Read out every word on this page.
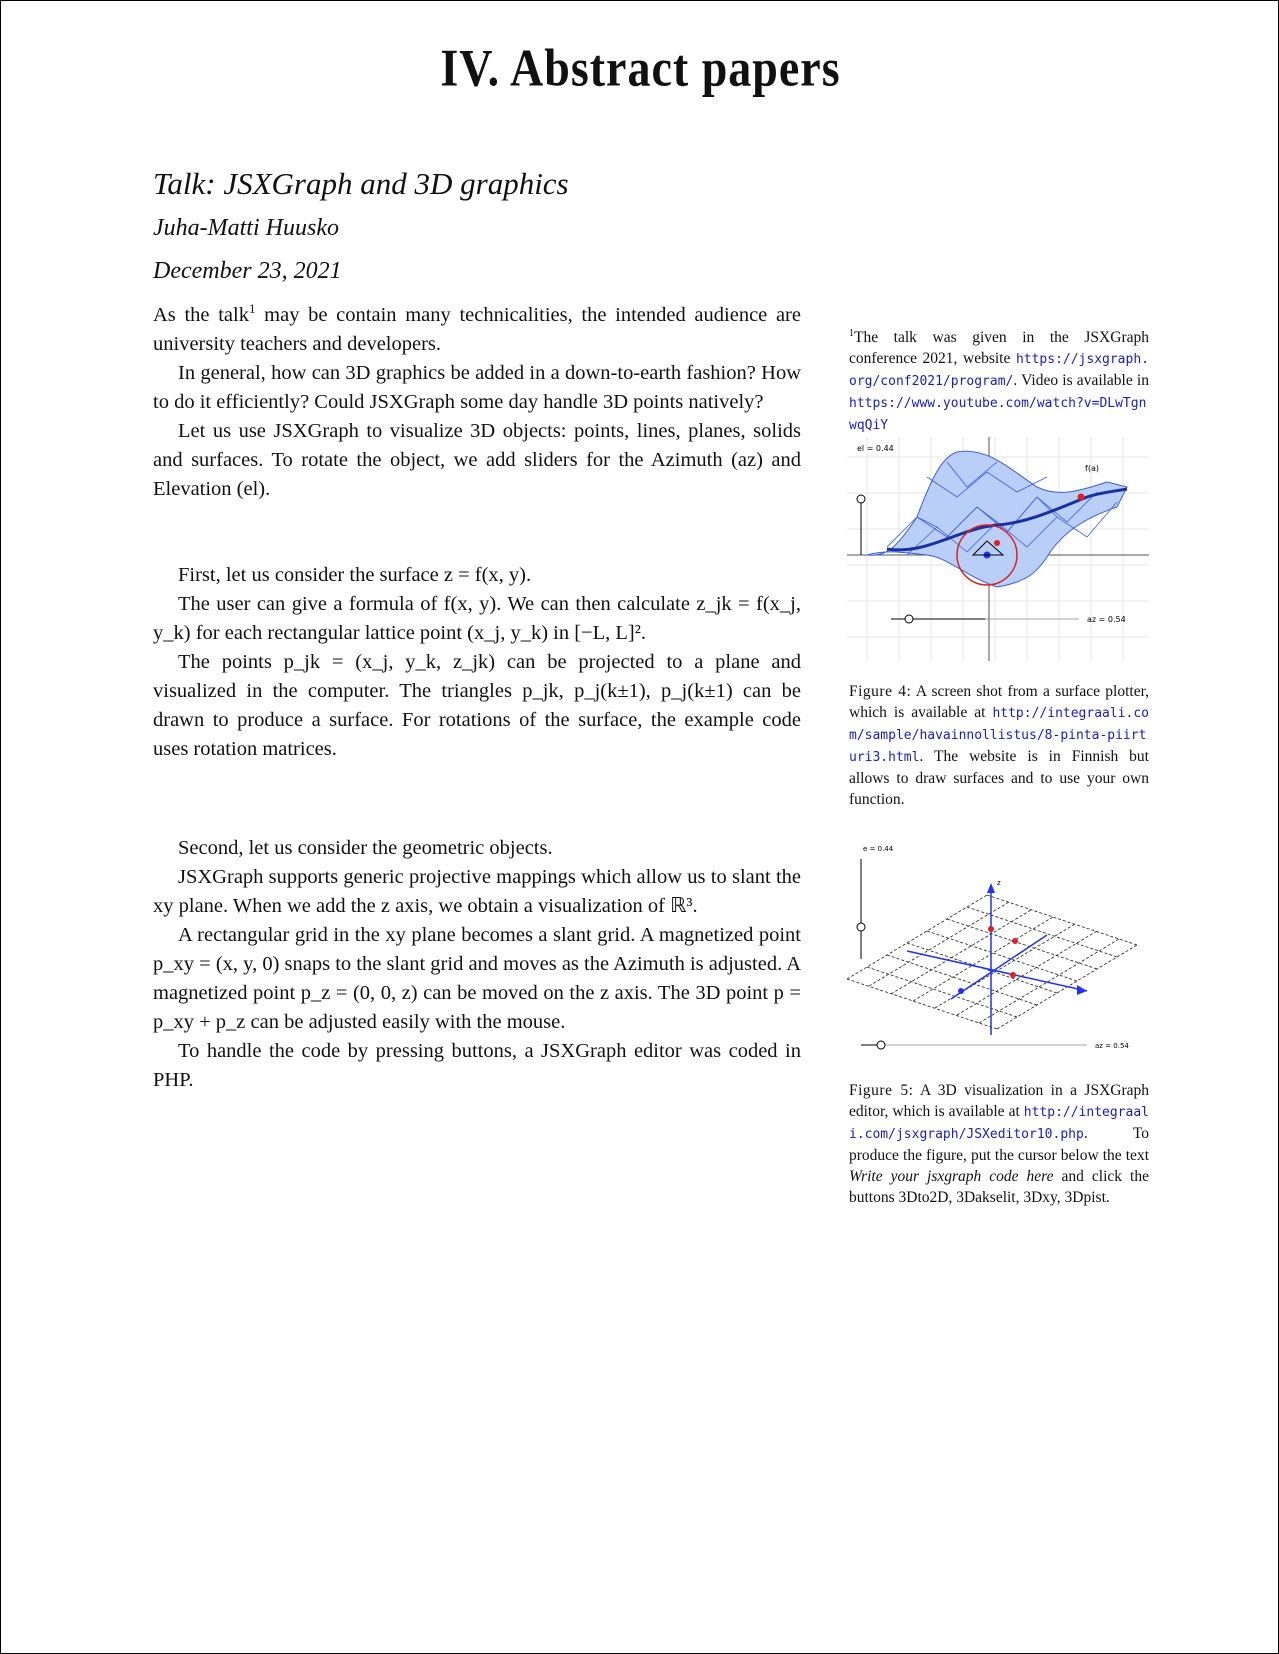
IV. Abstract papers
Talk: JSXGraph and 3D graphics
Juha-Matti Huusko
December 23, 2021

As the talk$^1$ may be contain many technicalities, the intended audience are university teachers and developers.

In general, how can 3D graphics be added in a down-to-earth fashion? How to do it efficiently? Could JSXGraph some day handle 3D points natively?

Let us use JSXGraph to visualize 3D objects: points, lines, planes, solids and surfaces. To rotate the object, we add sliders for the Azimuth (az) and Elevation (el).

First, let us consider the surface z = f(x, y).

The user can give a formula of f(x, y). We can then calculate z_jk = f(x_j, y_k) for each rectangular lattice point (x_j, y_k) in [−L, L]².

The points p_jk = (x_j, y_k, z_jk) can be projected to a plane and visualized in the computer. The triangles p_jk, p_j(k±1), p_j(k±1) can be drawn to produce a surface. For rotations of the surface, the example code uses rotation matrices.

Second, let us consider the geometric objects.

JSXGraph supports generic projective mappings which allow us to slant the xy plane. When we add the z axis, we obtain a visualization of ℝ³.

A rectangular grid in the xy plane becomes a slant grid. A magnetized point p_xy = (x, y, 0) snaps to the slant grid and moves as the Azimuth is adjusted. A magnetized point p_z = (0, 0, z) can be moved on the z axis. The 3D point p = p_xy + p_z can be adjusted easily with the mouse.

To handle the code by pressing buttons, a JSXGraph editor was coded in PHP.

$^1$The talk was given in the JSXGraph conference 2021, website https://jsxgraph.org/conf2021/program/. Video is available in https://www.youtube.com/watch?v=DLwTgnwqQiY
el = 0.44
az = 0.54
f(a)
Figure 4: A screen shot from a surface plotter, which is available at http://integraali.com/sample/havainnollistus/8-pinta-piirturi3.html. The website is in Finnish but allows to draw surfaces and to use your own function.
e = 0.44
az = 0.54
z
Figure 5: A 3D visualization in a JSXGraph editor, which is available at http://integraali.com/jsxgraph/JSXeditor10.php. To produce the figure, put the cursor below the text Write your jsxgraph code here and click the buttons 3Dto2D, 3Dakselit, 3Dxy, 3Dpist.
